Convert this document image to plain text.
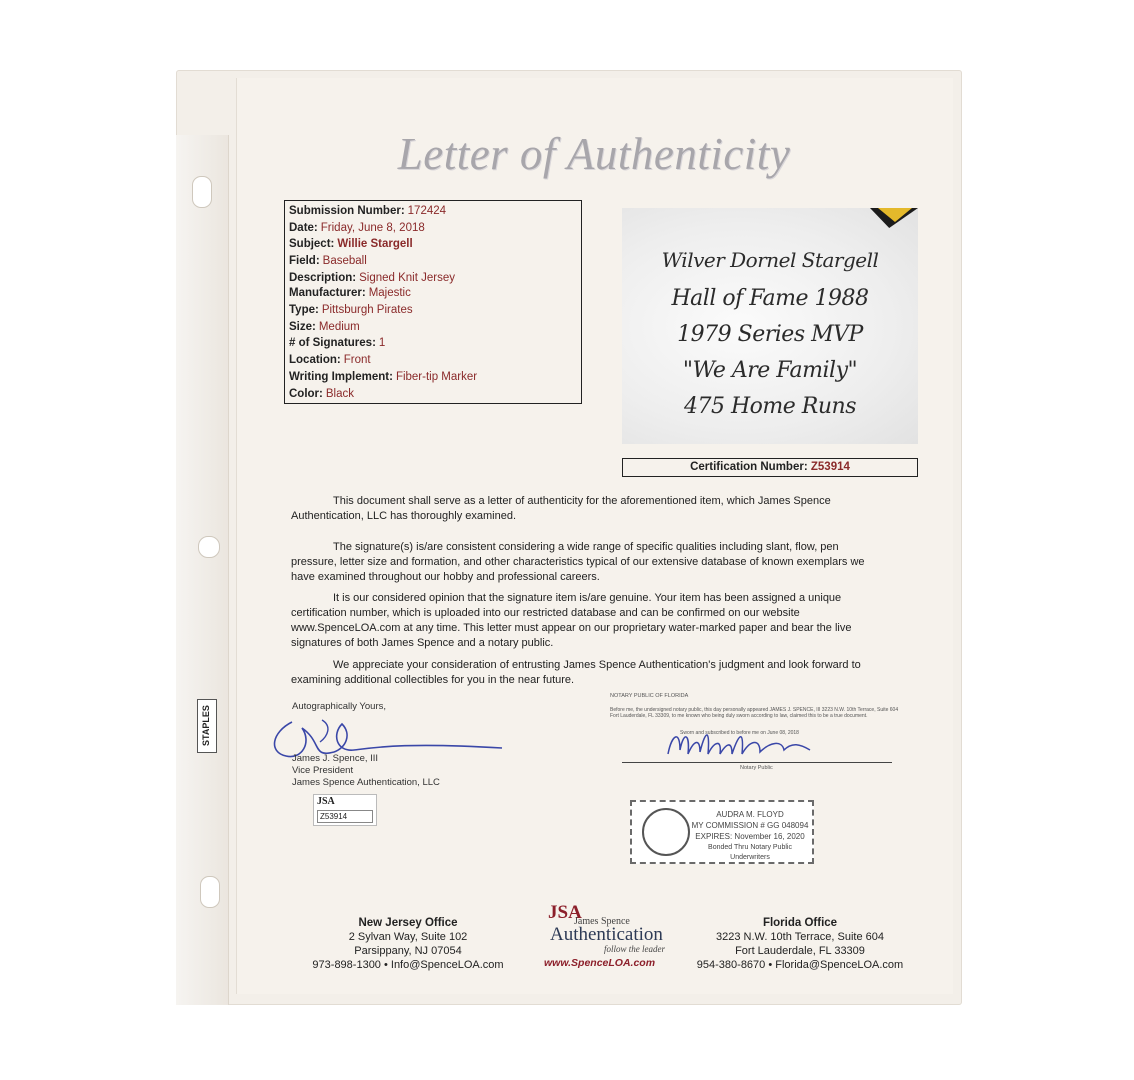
STAPLES
Letter of Authenticity
Submission Number: 172424
Date: Friday, June 8, 2018
Subject: Willie Stargell
Field: Baseball
Description: Signed Knit Jersey
Manufacturer: Majestic
Type: Pittsburgh Pirates
Size: Medium
# of Signatures: 1
Location: Front
Writing Implement: Fiber-tip Marker
Color: Black
Wilver Dornel Stargell
Hall of Fame 1988
1979 Series MVP
"We Are Family"
475 Home Runs
Certification Number: Z53914
This document shall serve as a letter of authenticity for the aforementioned item, which James Spence Authentication, LLC has thoroughly examined.
The signature(s) is/are consistent considering a wide range of specific qualities including slant, flow, pen pressure, letter size and formation, and other characteristics typical of our extensive database of known exemplars we have examined throughout our hobby and professional careers.
It is our considered opinion that the signature item is/are genuine. Your item has been assigned a unique certification number, which is uploaded into our restricted database and can be confirmed on our website www.SpenceLOA.com at any time. This letter must appear on our proprietary water-marked paper and bear the live signatures of both James Spence and a notary public.
We appreciate your consideration of entrusting James Spence Authentication's judgment and look forward to examining additional collectibles for you in the near future.
Autographically Yours,
James J. Spence, III
Vice President
James Spence Authentication, LLC
JSA
Z53914
NOTARY PUBLIC OF FLORIDA
Before me, the undersigned notary public, this day personally appeared JAMES J. SPENCE, III 3223 N.W. 10th Terrace, Suite 604 Fort Lauderdale, FL 33309, to me known who being duly sworn according to law, claimed this to be a true document.
Sworn and subscribed to before me on June 08, 2018
Notary Public
AUDRA M. FLOYD
MY COMMISSION # GG 048094
EXPIRES: November 16, 2020
Bonded Thru Notary Public Underwriters
New Jersey Office
2 Sylvan Way, Suite 102
Parsippany, NJ 07054
973-898-1300 • Info@SpenceLOA.com
JSA
James Spence
Authentication
follow the leader
www.SpenceLOA.com
Florida Office
3223 N.W. 10th Terrace, Suite 604
Fort Lauderdale, FL 33309
954-380-8670 • Florida@SpenceLOA.com
